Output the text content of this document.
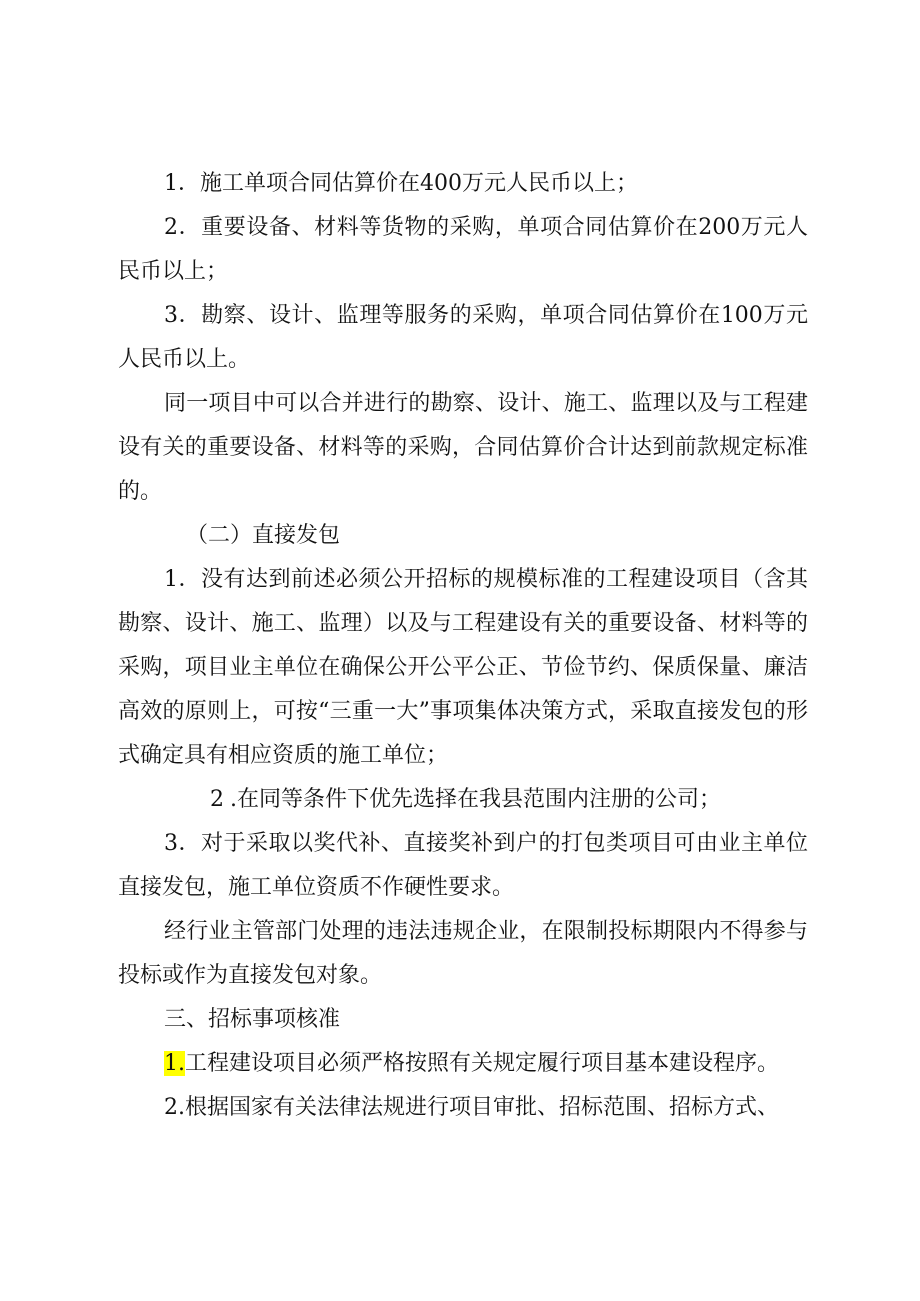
1．施工单项合同估算价在400万元人民币以上；

2．重要设备、材料等货物的采购，单项合同估算价在200万元人民币以上；

3．勘察、设计、监理等服务的采购，单项合同估算价在100万元人民币以上。

同一项目中可以合并进行的勘察、设计、施工、监理以及与工程建设有关的重要设备、材料等的采购，合同估算价合计达到前款规定标准的。

（二）直接发包

1．没有达到前述必须公开招标的规模标准的工程建设项目（含其勘察、设计、施工、监理）以及与工程建设有关的重要设备、材料等的采购，项目业主单位在确保公开公平公正、节俭节约、保质保量、廉洁高效的原则上，可按“三重一大”事项集体决策方式，采取直接发包的形式确定具有相应资质的施工单位；

2 .在同等条件下优先选择在我县范围内注册的公司；

3．对于采取以奖代补、直接奖补到户的打包类项目可由业主单位直接发包，施工单位资质不作硬性要求。

经行业主管部门处理的违法违规企业，在限制投标期限内不得参与投标或作为直接发包对象。

三、招标事项核准

1.工程建设项目必须严格按照有关规定履行项目基本建设程序。

2.根据国家有关法律法规进行项目审批、招标范围、招标方式、
